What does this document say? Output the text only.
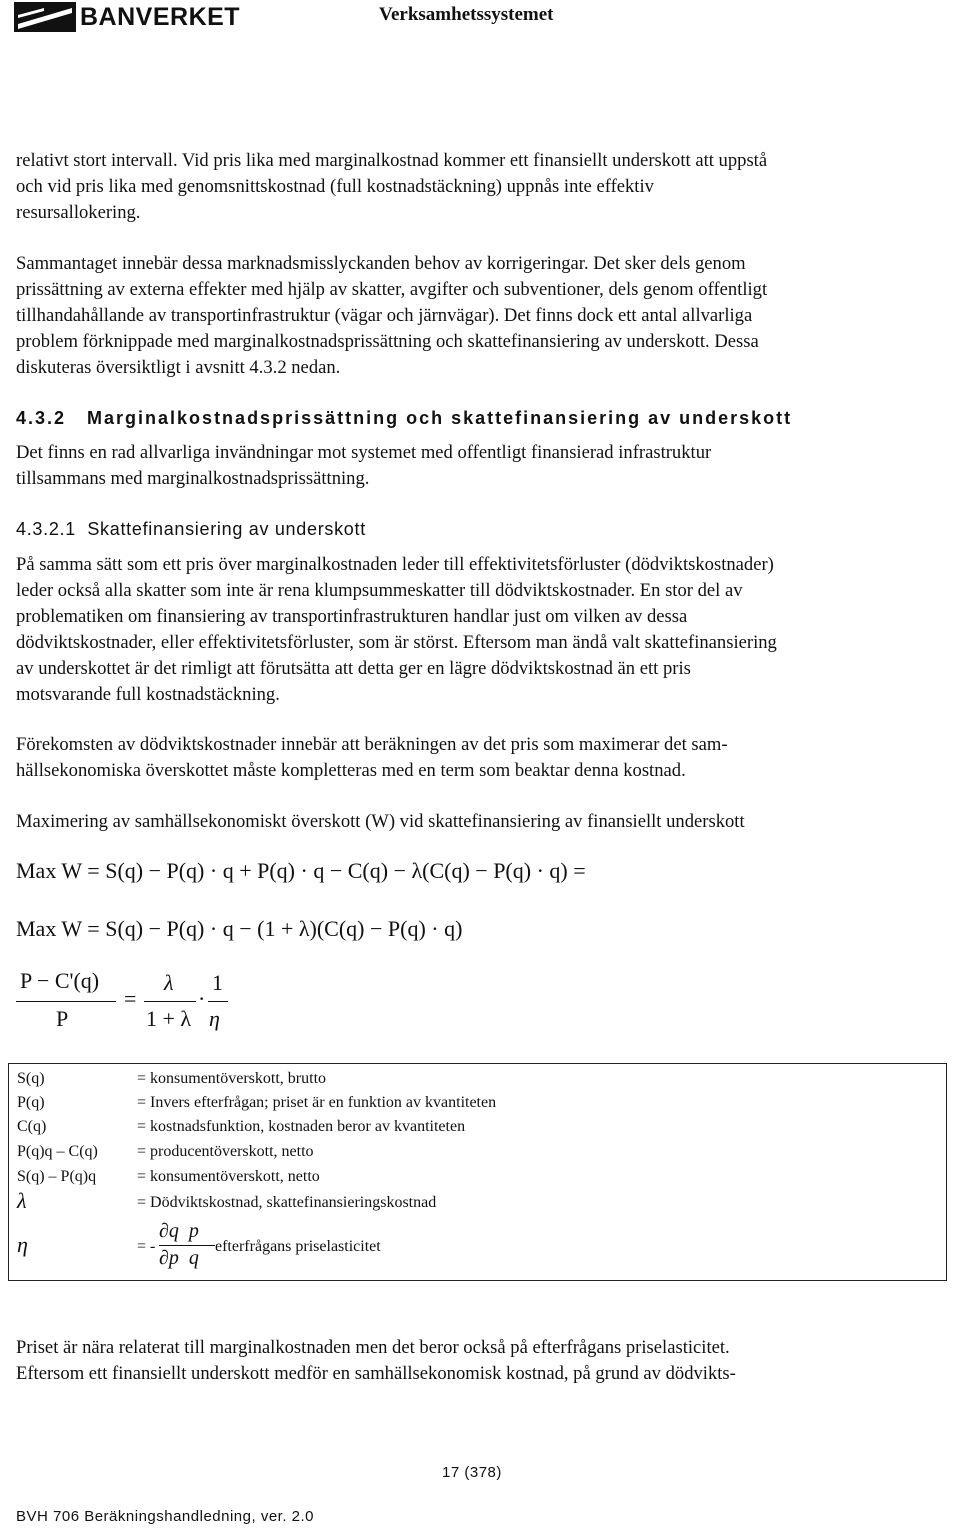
BANVERKET	Verksamhetssystemet
relativt stort intervall. Vid pris lika med marginalkostnad kommer ett finansiellt underskott att uppstå
och vid pris lika med genomsnittskostnad (full kostnadstäckning) uppnås inte effektiv
resursallokering.
Sammantaget innebär dessa marknadsmisslyckanden behov av korrigeringar. Det sker dels genom
prissättning av externa effekter med hjälp av skatter, avgifter och subventioner, dels genom offentligt
tillhandahållande av transportinfrastruktur (vägar och järnvägar). Det finns dock ett antal allvarliga
problem förknippade med marginalkostnadsprissättning och skattefinansiering av underskott. Dessa
diskuteras översiktligt i avsnitt 4.3.2 nedan.
4.3.2   Marginalkostnadsprissättning och skattefinansiering av underskott
Det finns en rad allvarliga invändningar mot systemet med offentligt finansierad infrastruktur
tillsammans med marginalkostnadsprissättning.
4.3.2.1  Skattefinansiering av underskott
På samma sätt som ett pris över marginalkostnaden leder till effektivitetsförluster (dödviktskostnader)
leder också alla skatter som inte är rena klumpsummeskatter till dödviktskostnader. En stor del av
problematiken om finansiering av transportinfrastrukturen handlar just om vilken av dessa
dödviktskostnader, eller effektivitetsförluster, som är störst. Eftersom man ändå valt skattefinansiering
av underskottet är det rimligt att förutsätta att detta ger en lägre dödviktskostnad än ett pris
motsvarande full kostnadstäckning.
Förekomsten av dödviktskostnader innebär att beräkningen av det pris som maximerar det sam-
hällsekonomiska överskottet måste kompletteras med en term som beaktar denna kostnad.
Maximering av samhällsekonomiskt överskott (W) vid skattefinansiering av finansiellt underskott
Max W = S(q) − P(q) · q + P(q) · q − C(q) − λ(C(q) − P(q) · q) =
Max W = S(q) − P(q) · q − (1 + λ)(C(q) − P(q) · q)
P − C'(q)
P
=
λ
1 + λ
·
1
η
S(q)	= konsumentöverskott, brutto
P(q)	= Invers efterfrågan; priset är en funktion av kvantiteten
C(q)	= kostnadsfunktion, kostnaden beror av kvantiteten
P(q)q – C(q) = producentöverskott, netto
S(q) – P(q)q	= konsumentöverskott, netto
λ	= Dödviktskostnad, skattefinansieringskostnad
η	= -
∂q  p
∂p  q
efterfrågans priselasticitet
Priset är nära relaterat till marginalkostnaden men det beror också på efterfrågans priselasticitet.
Eftersom ett finansiellt underskott medför en samhällsekonomisk kostnad, på grund av dödvikts-
17 (378)
BVH 706 Beräkningshandledning, ver. 2.0
